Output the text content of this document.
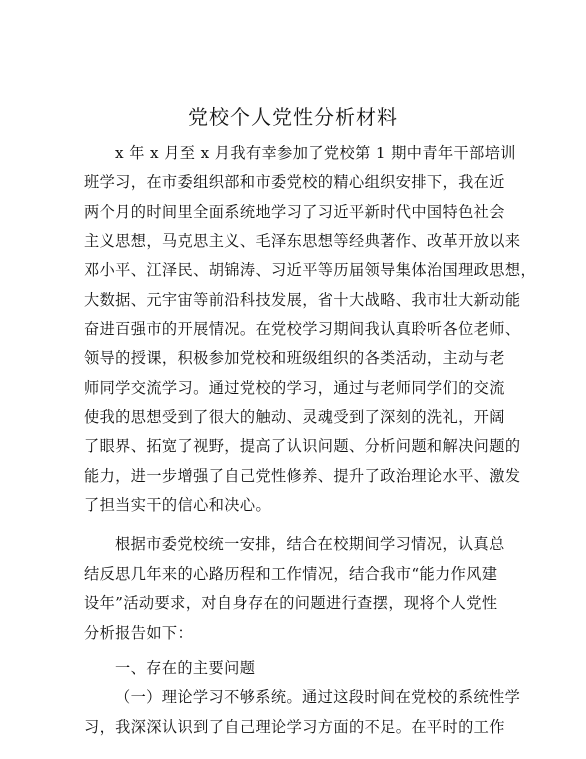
党校个人党性分析材料
x 年 x 月至 x 月我有幸参加了党校第 1 期中青年干部培训
班学习，在市委组织部和市委党校的精心组织安排下，我在近
两个月的时间里全面系统地学习了习近平新时代中国特色社会
主义思想，马克思主义、毛泽东思想等经典著作、改革开放以来
邓小平、江泽民、胡锦涛、习近平等历届领导集体治国理政思想，
大数据、元宇宙等前沿科技发展，省十大战略、我市壮大新动能
奋进百强市的开展情况。在党校学习期间我认真聆听各位老师、
领导的授课，积极参加党校和班级组织的各类活动，主动与老
师同学交流学习。通过党校的学习，通过与老师同学们的交流
使我的思想受到了很大的触动、灵魂受到了深刻的洗礼，开阔
了眼界、拓宽了视野，提高了认识问题、分析问题和解决问题的
能力，进一步增强了自己党性修养、提升了政治理论水平、激发
了担当实干的信心和决心。
根据市委党校统一安排，结合在校期间学习情况，认真总
结反思几年来的心路历程和工作情况，结合我市“能力作风建
设年”活动要求，对自身存在的问题进行查摆，现将个人党性
分析报告如下：
一、存在的主要问题
（一）理论学习不够系统。通过这段时间在党校的系统性学
习，我深深认识到了自己理论学习方面的不足。在平时的工作
